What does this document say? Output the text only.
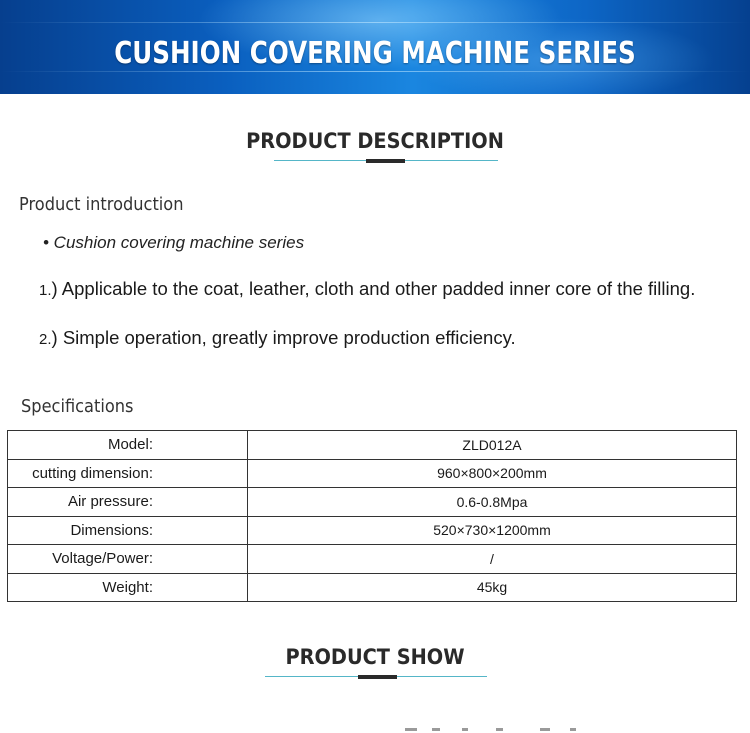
CUSHION COVERING MACHINE SERIES
PRODUCT DESCRIPTION
Product introduction
• Cushion covering machine series
1.) Applicable to the coat, leather, cloth and other padded inner core of the filling.
2.) Simple operation, greatly improve production efficiency.
Specifications
Model:	ZLD012A
cutting dimension:	960×800×200mm
Air pressure:	0.6-0.8Mpa
Dimensions:	520×730×1200mm
Voltage/Power:	/
Weight:	45kg
PRODUCT SHOW
